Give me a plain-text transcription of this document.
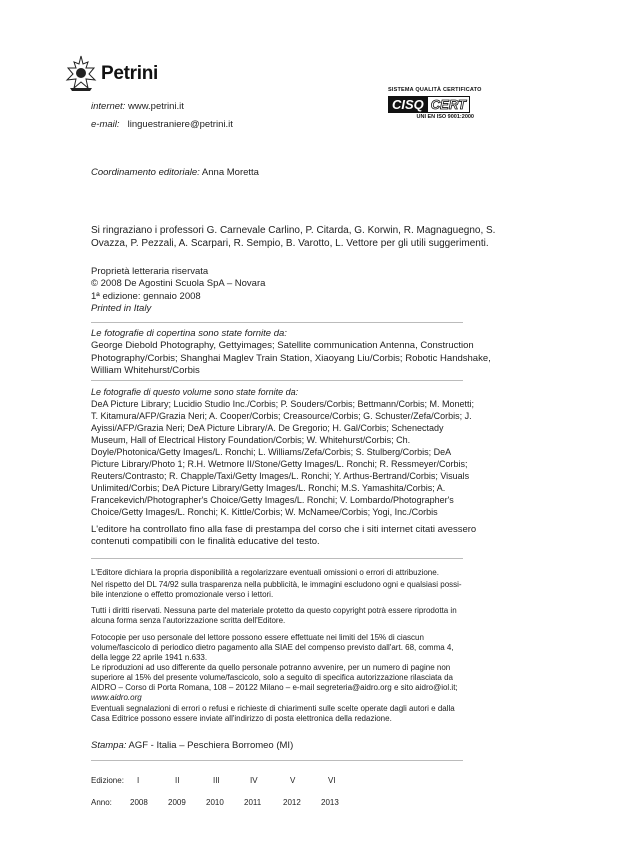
Petrini
internet: www.petrini.it
e-mail: linguestraniere@petrini.it
SISTEMA QUALITÀ CERTIFICATO
CISQ CERT
UNI EN ISO 9001:2000
Coordinamento editoriale: Anna Moretta
Si ringraziano i professori G. Carnevale Carlino, P. Citarda, G. Korwin, R. Magnaguegno, S.
Ovazza, P. Pezzali, A. Scarpari, R. Sempio, B. Varotto, L. Vettore per gli utili suggerimenti.
Proprietà letteraria riservata
© 2008 De Agostini Scuola SpA – Novara
1ª edizione: gennaio 2008
Printed in Italy
Le fotografie di copertina sono state fornite da:
George Diebold Photography, Gettyimages; Satellite communication Antenna, Construction
Photography/Corbis; Shanghai Maglev Train Station, Xiaoyang Liu/Corbis; Robotic Handshake,
William Whitehurst/Corbis
Le fotografie di questo volume sono state fornite da:
DeA Picture Library; Lucidio Studio Inc./Corbis; P. Souders/Corbis; Bettmann/Corbis; M. Monetti;
T. Kitamura/AFP/Grazia Neri; A. Cooper/Corbis; Creasource/Corbis; G. Schuster/Zefa/Corbis; J.
Ayissi/AFP/Grazia Neri; DeA Picture Library/A. De Gregorio; H. Gal/Corbis; Schenectady
Museum, Hall of Electrical History Foundation/Corbis; W. Whitehurst/Corbis; Ch.
Doyle/Photonica/Getty Images/L. Ronchi; L. Williams/Zefa/Corbis; S. Stulberg/Corbis; DeA
Picture Library/Photo 1; R.H. Wetmore II/Stone/Getty Images/L. Ronchi; R. Ressmeyer/Corbis;
Reuters/Contrasto; R. Chapple/Taxi/Getty Images/L. Ronchi; Y. Arthus-Bertrand/Corbis; Visuals
Unlimited/Corbis; DeA Picture Library/Getty Images/L. Ronchi; M.S. Yamashita/Corbis; A.
Francekevich/Photographer's Choice/Getty Images/L. Ronchi; V. Lombardo/Photographer's
Choice/Getty Images/L. Ronchi; K. Kittle/Corbis; W. McNamee/Corbis; Yogi, Inc./Corbis
L'editore ha controllato fino alla fase di prestampa del corso che i siti internet citati avessero
contenuti compatibili con le finalità educative del testo.
L'Editore dichiara la propria disponibilità a regolarizzare eventuali omissioni o errori di attribuzione.
Nel rispetto del DL 74/92 sulla trasparenza nella pubblicità, le immagini escludono ogni e qualsiasi possi-
bile intenzione o effetto promozionale verso i lettori.
Tutti i diritti riservati. Nessuna parte del materiale protetto da questo copyright potrà essere riprodotta in
alcuna forma senza l'autorizzazione scritta dell'Editore.
Fotocopie per uso personale del lettore possono essere effettuate nei limiti del 15% di ciascun
volume/fascicolo di periodico dietro pagamento alla SIAE del compenso previsto dall'art. 68, comma 4,
della legge 22 aprile 1941 n.633.
Le riproduzioni ad uso differente da quello personale potranno avvenire, per un numero di pagine non
superiore al 15% del presente volume/fascicolo, solo a seguito di specifica autorizzazione rilasciata da
AIDRO – Corso di Porta Romana, 108 – 20122 Milano – e-mail segreteria@aidro.org e sito aidro@iol.it;
www.aidro.org
Eventuali segnalazioni di errori o refusi e richieste di chiarimenti sulle scelte operate dagli autori e dalla
Casa Editrice possono essere inviate all'indirizzo di posta elettronica della redazione.
Stampa: AGF - Italia – Peschiera Borromeo (MI)
Edizione: I	II	III	IV	V	VI
Anno: 2008	2009	2010	2011	2012	2013
